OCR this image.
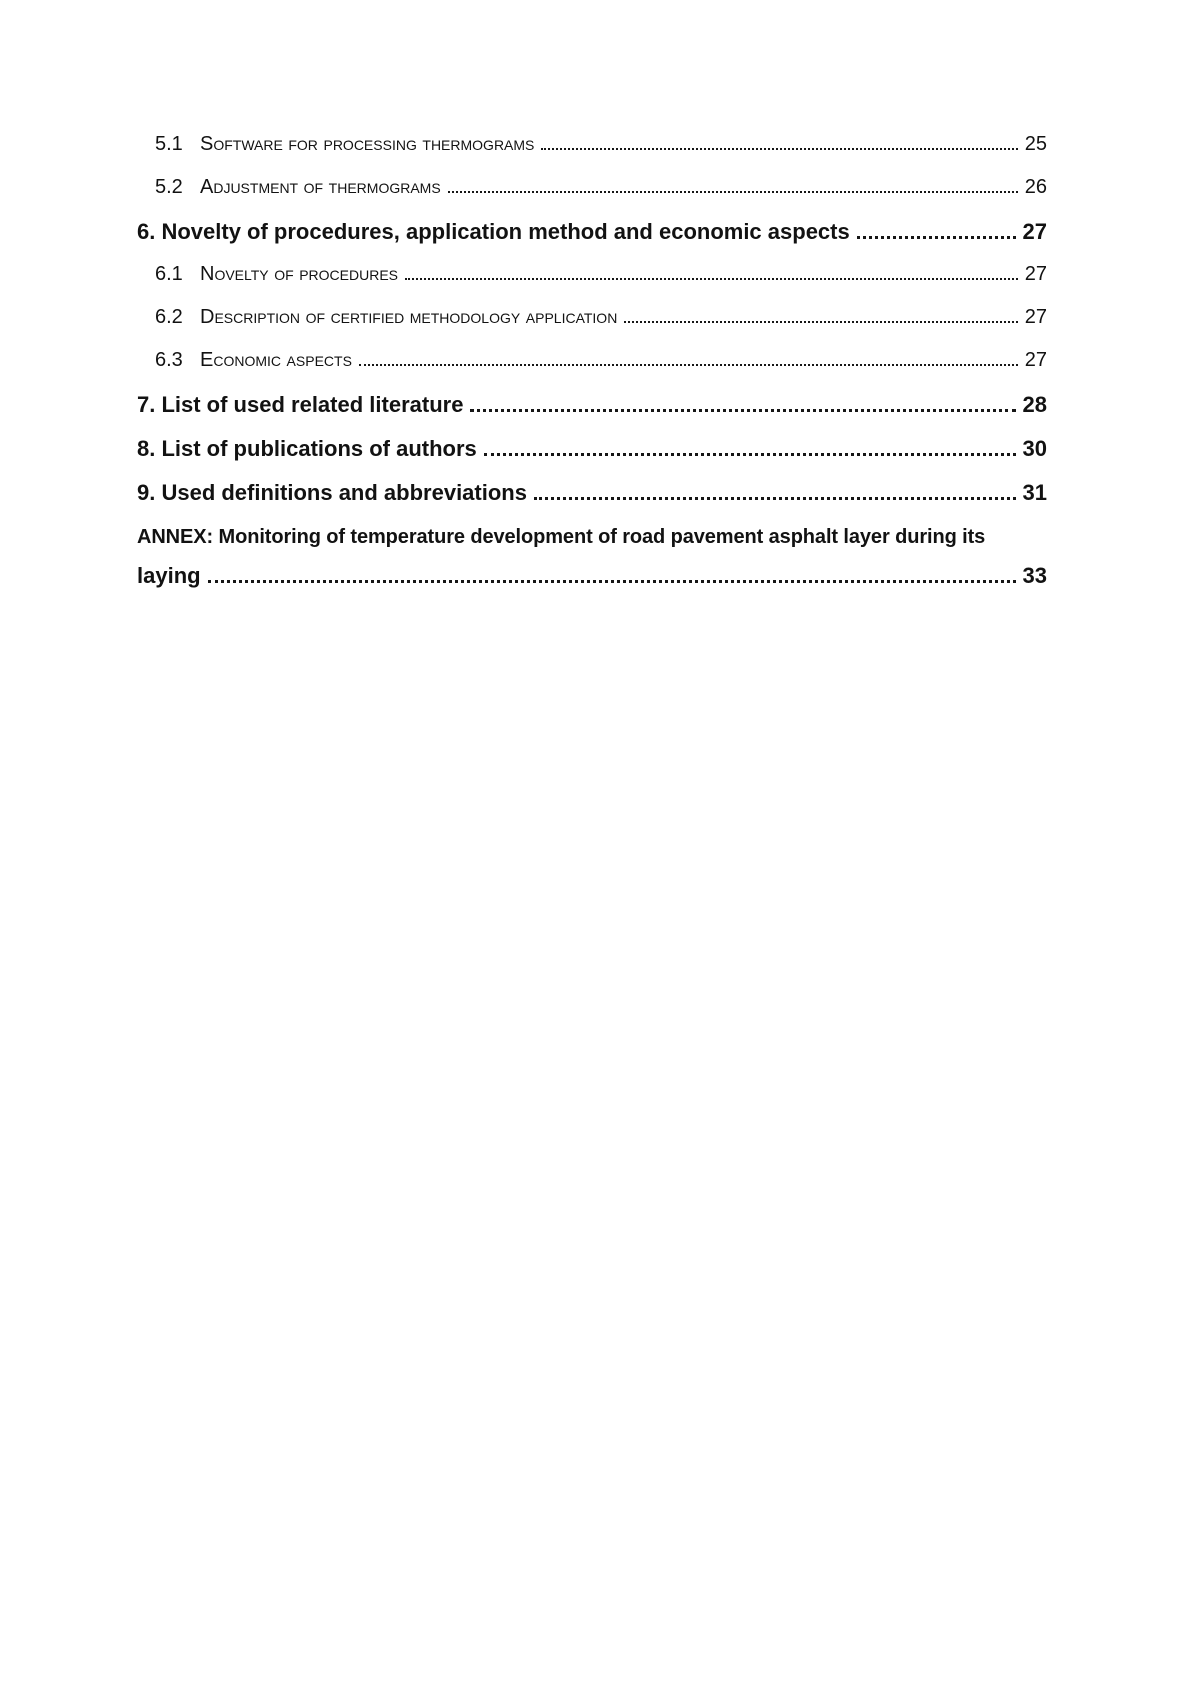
5.1 Software for processing thermograms	25
5.2 Adjustment of thermograms	26
6. Novelty of procedures, application method and economic aspects	27
6.1 Novelty of procedures	27
6.2 Description of certified methodology application	27
6.3 Economic aspects	27
7. List of used related literature	28
8. List of publications of authors	30
9. Used definitions and abbreviations	31
ANNEX: Monitoring of temperature development of road pavement asphalt layer during its
laying	33
